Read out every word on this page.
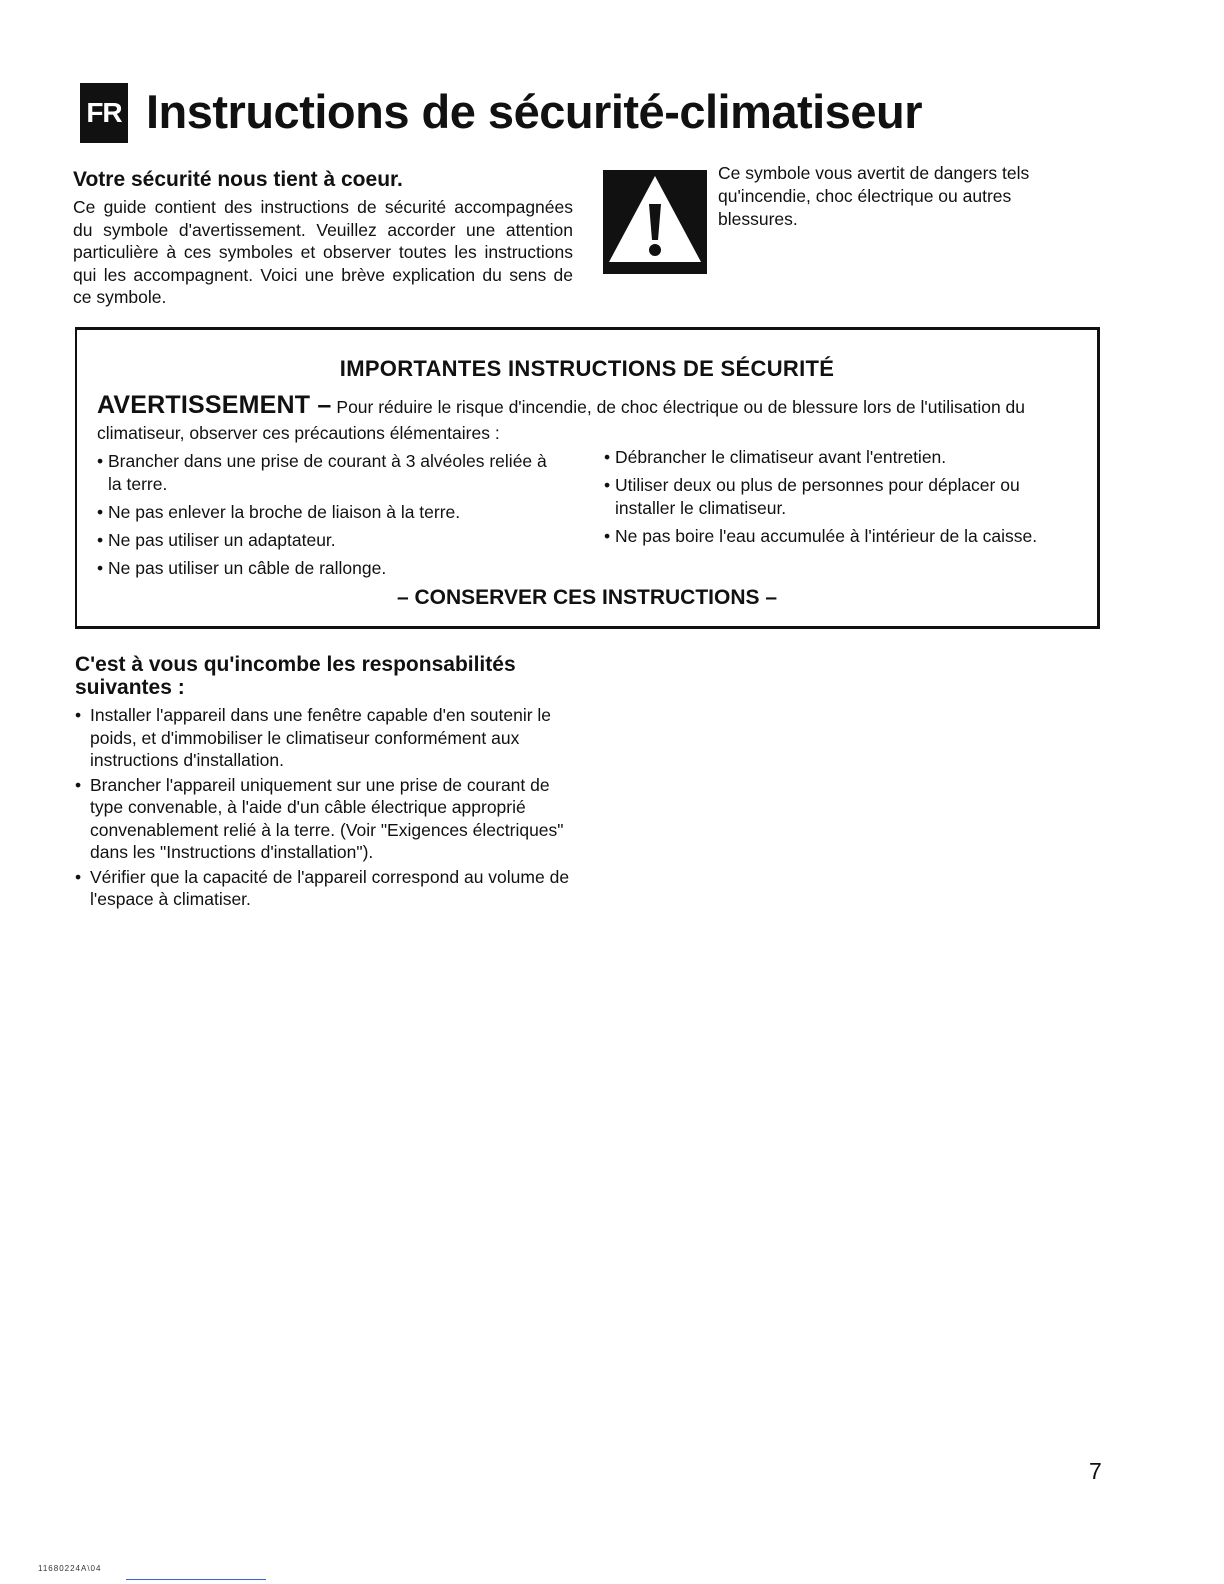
FR Instructions de sécurité-climatiseur
Votre sécurité nous tient à coeur.
Ce guide contient des instructions de sécurité accompagnées du symbole d'avertissement. Veuillez accorder une attention particulière à ces symboles et observer toutes les instructions qui les accompagnent. Voici une brève explication du sens de ce symbole.
Ce symbole vous avertit de dangers tels qu'incendie, choc électrique ou autres blessures.
IMPORTANTES INSTRUCTIONS DE SÉCURITÉ
AVERTISSEMENT – Pour réduire le risque d'incendie, de choc électrique ou de blessure lors de l'utilisation du climatiseur, observer ces précautions élémentaires :
• Brancher dans une prise de courant à 3 alvéoles reliée à la terre.
• Ne pas enlever la broche de liaison à la terre.
• Ne pas utiliser un adaptateur.
• Ne pas utiliser un câble de rallonge.
• Débrancher le climatiseur avant l'entretien.
• Utiliser deux ou plus de personnes pour déplacer ou installer le climatiseur.
• Ne pas boire l'eau accumulée à l'intérieur de la caisse.
– CONSERVER CES INSTRUCTIONS –
C'est à vous qu'incombe les responsabilités
suivantes :
• Installer l'appareil dans une fenêtre capable d'en soutenir le poids, et d'immobiliser le climatiseur conformément aux instructions d'installation.
• Brancher l'appareil uniquement sur une prise de courant de type convenable, à l'aide d'un câble électrique approprié convenablement relié à la terre. (Voir "Exigences électriques" dans les "Instructions d'installation").
• Vérifier que la capacité de l'appareil correspond au volume de l'espace à climatiser.
7
11680224A\04
